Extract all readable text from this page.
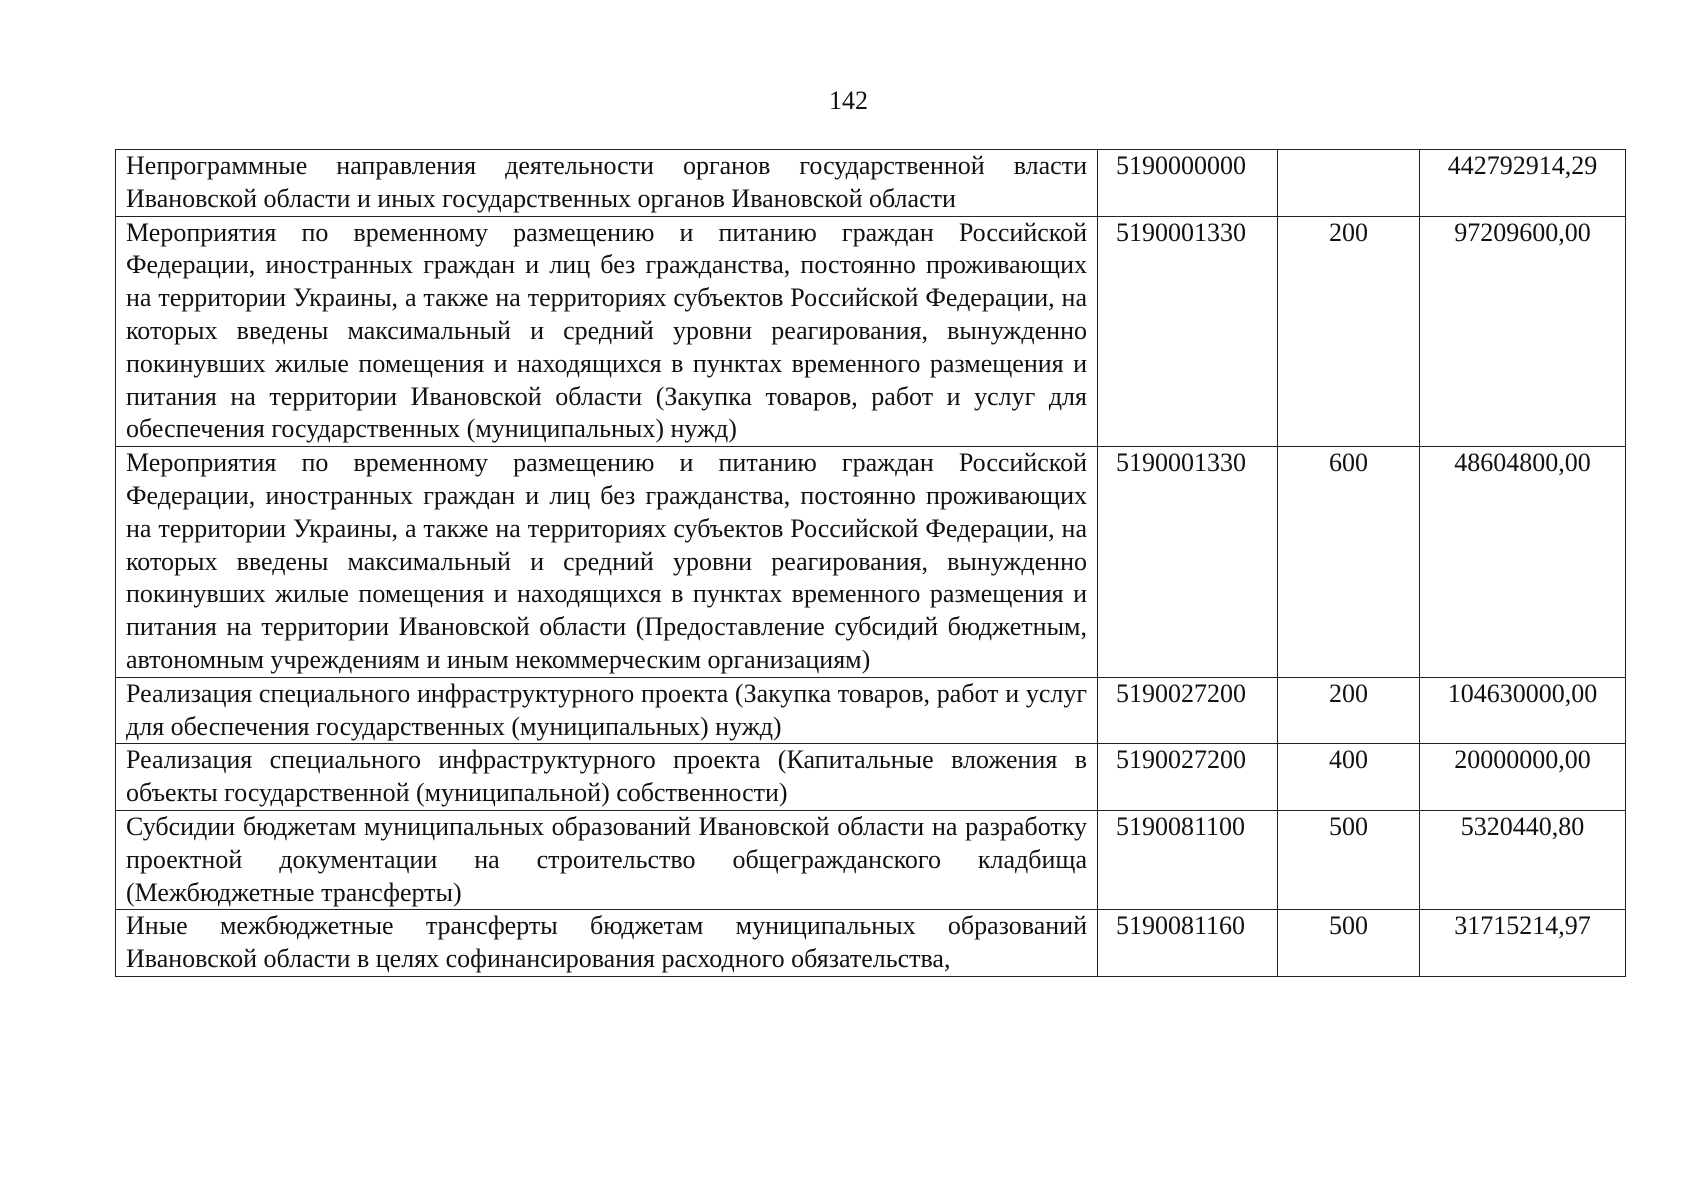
142
Непрограммные направления деятельности органов государственной власти Ивановской области и иных государственных органов Ивановской области	5190000000		442792914,29
Мероприятия по временному размещению и питанию граждан Российской Федерации, иностранных граждан и лиц без гражданства, постоянно проживающих на территории Украины, а также на территориях субъектов Российской Федерации, на которых введены максимальный и средний уровни реагирования, вынужденно покинувших жилые помещения и находящихся в пунктах временного размещения и питания на территории Ивановской области (Закупка товаров, работ и услуг для обеспечения государственных (муниципальных) нужд)	5190001330	200	97209600,00
Мероприятия по временному размещению и питанию граждан Российской Федерации, иностранных граждан и лиц без гражданства, постоянно проживающих на территории Украины, а также на территориях субъектов Российской Федерации, на которых введены максимальный и средний уровни реагирования, вынужденно покинувших жилые помещения и находящихся в пунктах временного размещения и питания на территории Ивановской области (Предоставление субсидий бюджетным, автономным учреждениям и иным некоммерческим организациям)	5190001330	600	48604800,00
Реализация специального инфраструктурного проекта (Закупка товаров, работ и услуг для обеспечения государственных (муниципальных) нужд)	5190027200	200	104630000,00
Реализация специального инфраструктурного проекта (Капитальные вложения в объекты государственной (муниципальной) собственности)	5190027200	400	20000000,00
Субсидии бюджетам муниципальных образований Ивановской области на разработку проектной документации на строительство общегражданского кладбища (Межбюджетные трансферты)	5190081100	500	5320440,80
Иные межбюджетные трансферты бюджетам муниципальных образований Ивановской области в целях софинансирования расходного обязательства,	5190081160	500	31715214,97
